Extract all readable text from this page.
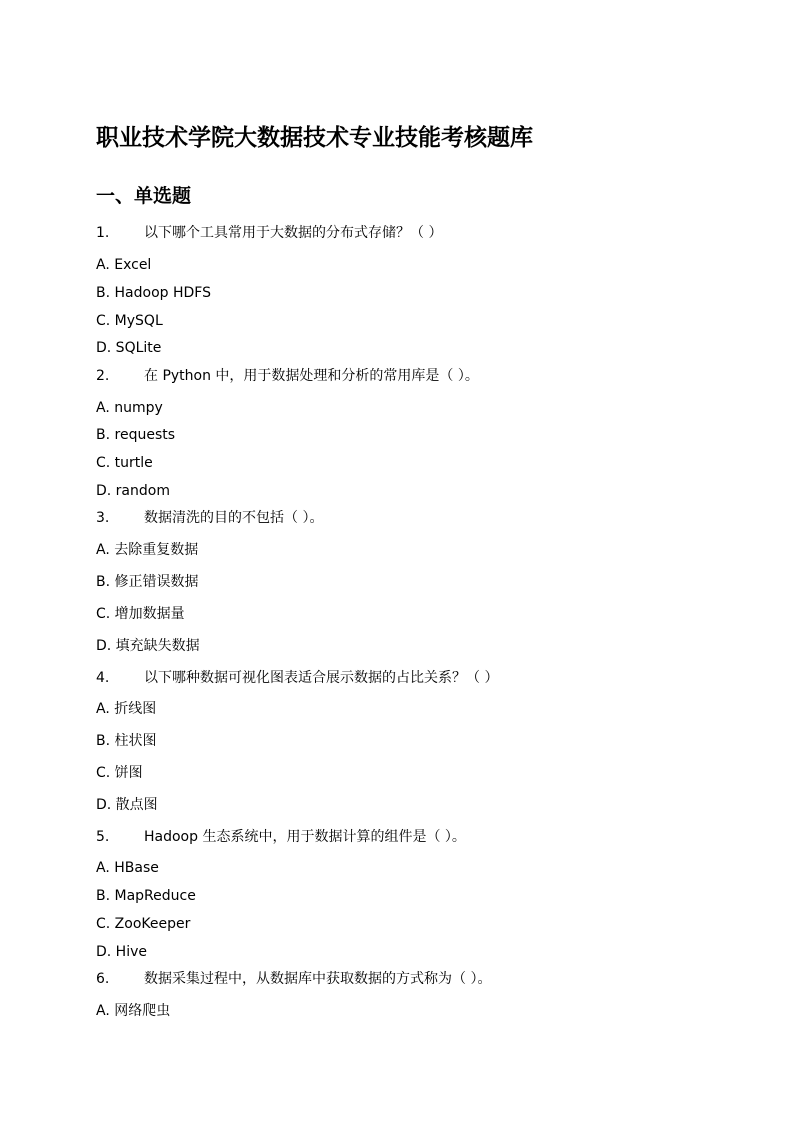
职业技术学院大数据技术专业技能考核题库
一、单选题
1. 以下哪个工具常用于大数据的分布式存储？（ ）
A. Excel
B. Hadoop HDFS
C. MySQL
D. SQLite
2. 在 Python 中，用于数据处理和分析的常用库是（ ）。
A. numpy
B. requests
C. turtle
D. random
3. 数据清洗的目的不包括（ ）。
A. 去除重复数据
B. 修正错误数据
C. 增加数据量
D. 填充缺失数据
4. 以下哪种数据可视化图表适合展示数据的占比关系？（ ）
A. 折线图
B. 柱状图
C. 饼图
D. 散点图
5. Hadoop 生态系统中，用于数据计算的组件是（ ）。
A. HBase
B. MapReduce
C. ZooKeeper
D. Hive
6. 数据采集过程中，从数据库中获取数据的方式称为（ ）。
A. 网络爬虫
